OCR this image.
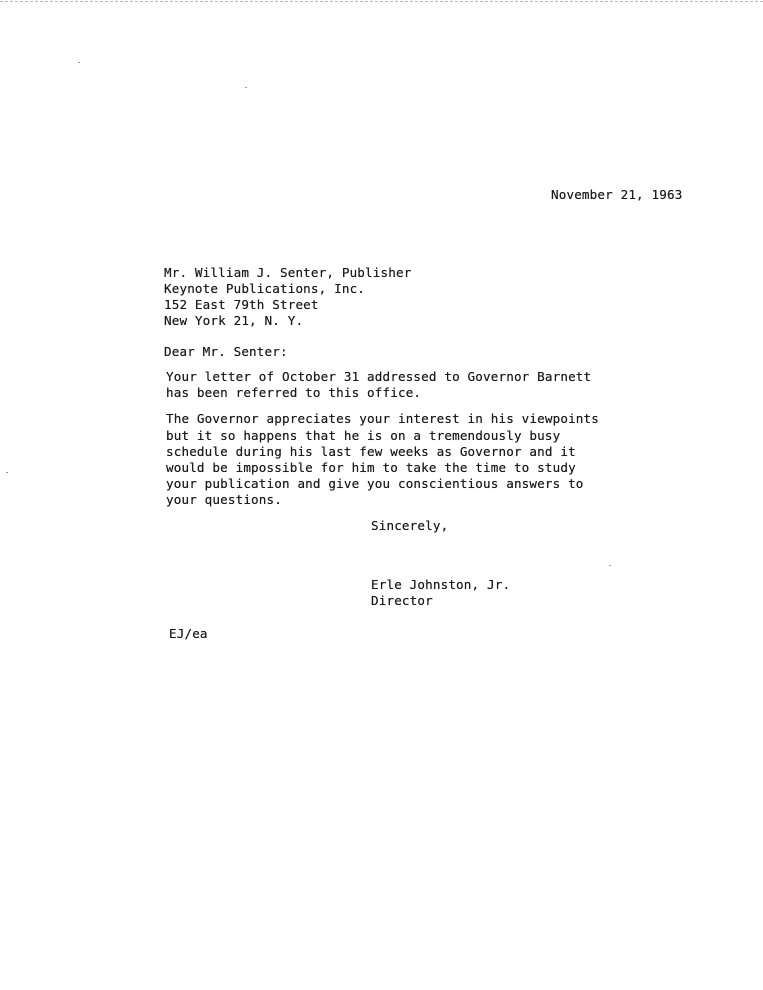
November 21, 1963
Mr. William J. Senter, Publisher
Keynote Publications, Inc.
152 East 79th Street
New York 21, N. Y.
Dear Mr. Senter:
Your letter of October 31 addressed to Governor Barnett
has been referred to this office.
The Governor appreciates your interest in his viewpoints
but it so happens that he is on a tremendously busy
schedule during his last few weeks as Governor and it
would be impossible for him to take the time to study
your publication and give you conscientious answers to
your questions.
Sincerely,
Erle Johnston, Jr.
Director
EJ/ea
